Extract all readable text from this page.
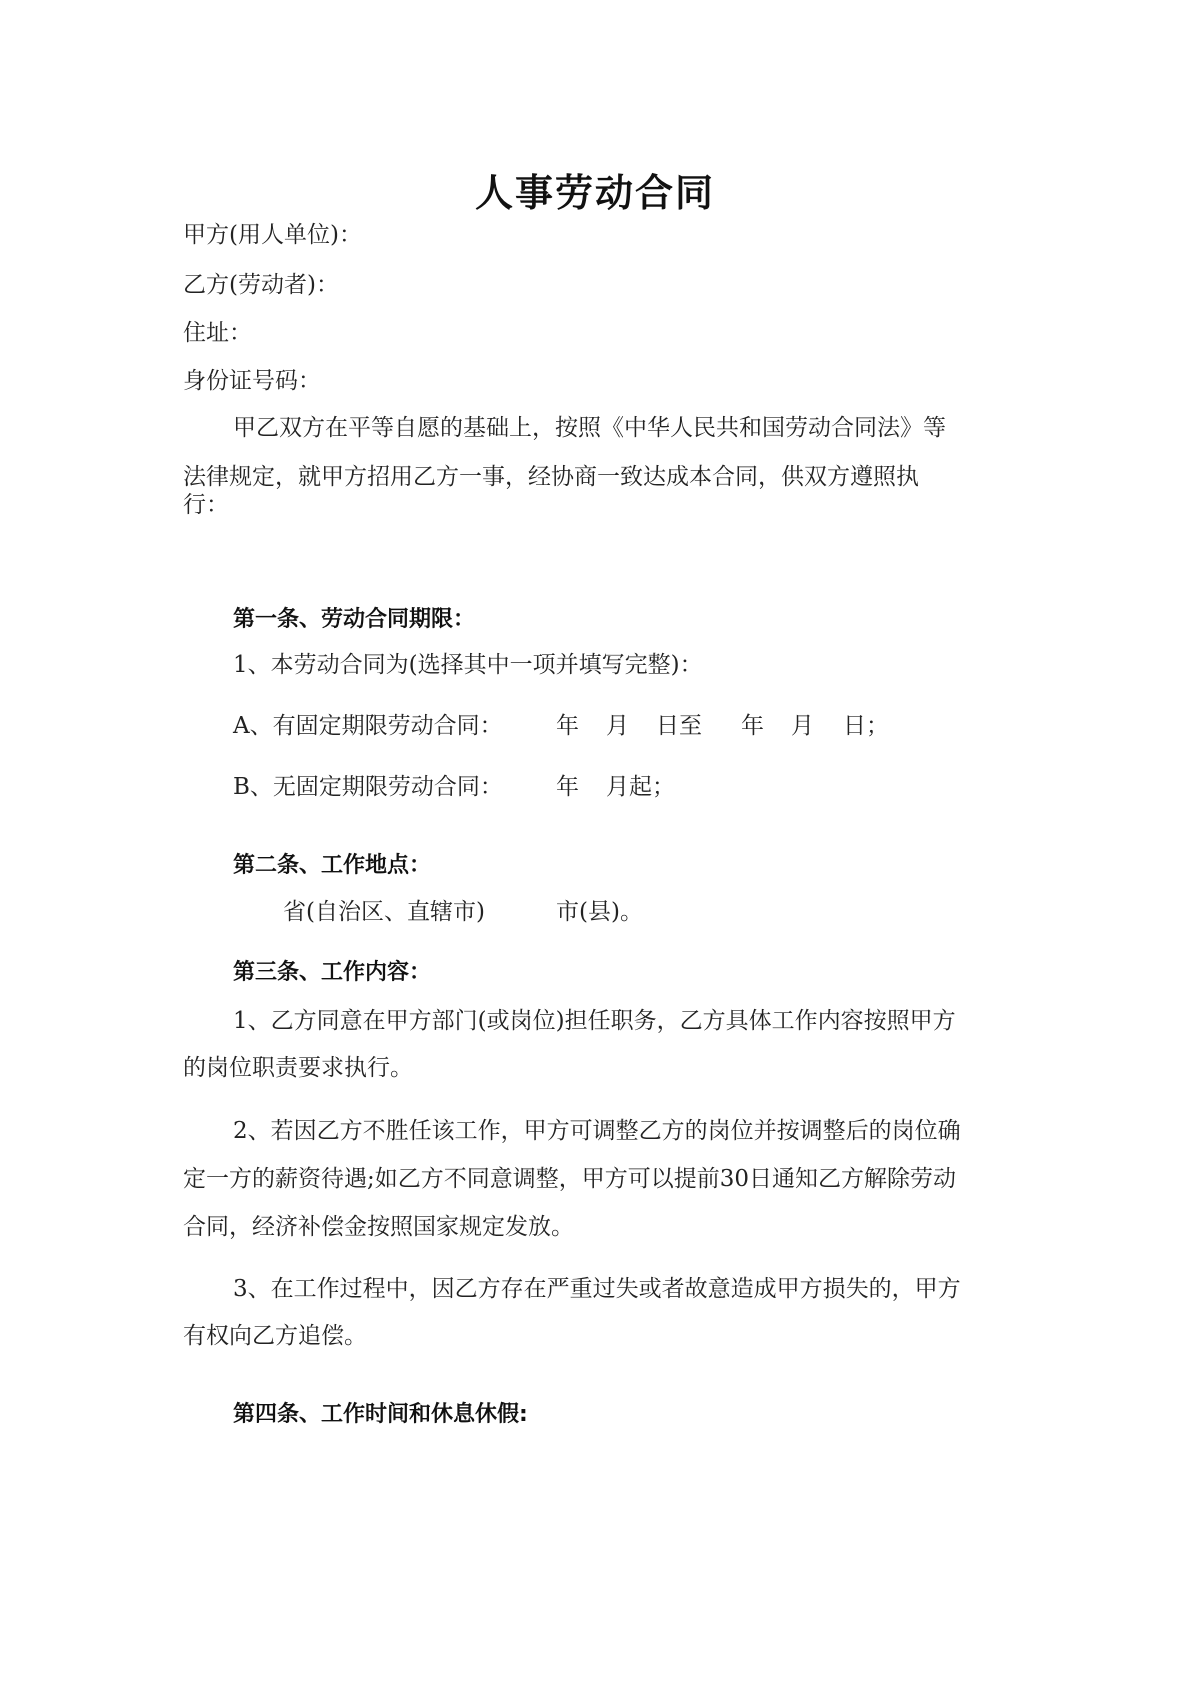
人事劳动合同
甲方(用人单位)：
乙方(劳动者)：
住址：
身份证号码：
甲乙双方在平等自愿的基础上，按照《中华人民共和国劳动合同法》等
法律规定，就甲方招用乙方一事，经协商一致达成本合同，供双方遵照执
行：
第一条、劳动合同期限：
1、本劳动合同为(选择其中一项并填写完整)：
A、有固定期限劳动合同： 年 月 日至 年 月 日；
B、无固定期限劳动合同： 年 月起；
第二条、工作地点：
省(自治区、直辖市)	市(县)。
第三条、工作内容：
1、乙方同意在甲方部门(或岗位)担任职务，乙方具体工作内容按照甲方
的岗位职责要求执行。
2、若因乙方不胜任该工作，甲方可调整乙方的岗位并按调整后的岗位确
定一方的薪资待遇;如乙方不同意调整，甲方可以提前30日通知乙方解除劳动
合同，经济补偿金按照国家规定发放。
3、在工作过程中，因乙方存在严重过失或者故意造成甲方损失的，甲方
有权向乙方追偿。
第四条、工作时间和休息休假:
